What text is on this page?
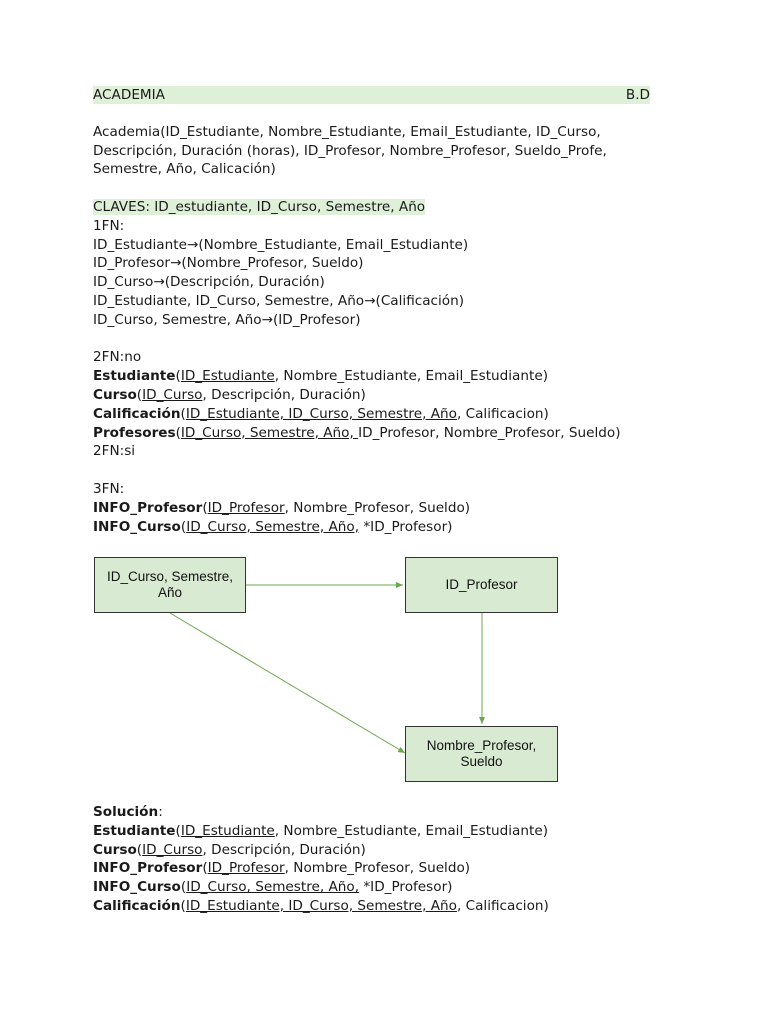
ACADEMIA	B.D
Academia(ID_Estudiante, Nombre_Estudiante, Email_Estudiante, ID_Curso,
Descripción, Duración (horas), ID_Profesor, Nombre_Profesor, Sueldo_Profe,
Semestre, Año, Calicación)
CLAVES: ID_estudiante, ID_Curso, Semestre, Año
1FN:
ID_Estudiante→(Nombre_Estudiante, Email_Estudiante)
ID_Profesor→(Nombre_Profesor, Sueldo)
ID_Curso→(Descripción, Duración)
ID_Estudiante, ID_Curso, Semestre, Año→(Calificación)
ID_Curso, Semestre, Año→(ID_Profesor)
2FN:no
Estudiante(ID_Estudiante, Nombre_Estudiante, Email_Estudiante)
Curso(ID_Curso, Descripción, Duración)
Calificación(ID_Estudiante, ID_Curso, Semestre, Año, Calificacion)
Profesores(ID_Curso, Semestre, Año, ID_Profesor, Nombre_Profesor, Sueldo)
2FN:si
3FN:
INFO_Profesor(ID_Profesor, Nombre_Profesor, Sueldo)
INFO_Curso(ID_Curso, Semestre, Año, *ID_Profesor)
ID_Curso, Semestre,
Año
ID_Profesor
Nombre_Profesor,
Sueldo
Solución:
Estudiante(ID_Estudiante, Nombre_Estudiante, Email_Estudiante)
Curso(ID_Curso, Descripción, Duración)
INFO_Profesor(ID_Profesor, Nombre_Profesor, Sueldo)
INFO_Curso(ID_Curso, Semestre, Año, *ID_Profesor)
Calificación(ID_Estudiante, ID_Curso, Semestre, Año, Calificacion)
